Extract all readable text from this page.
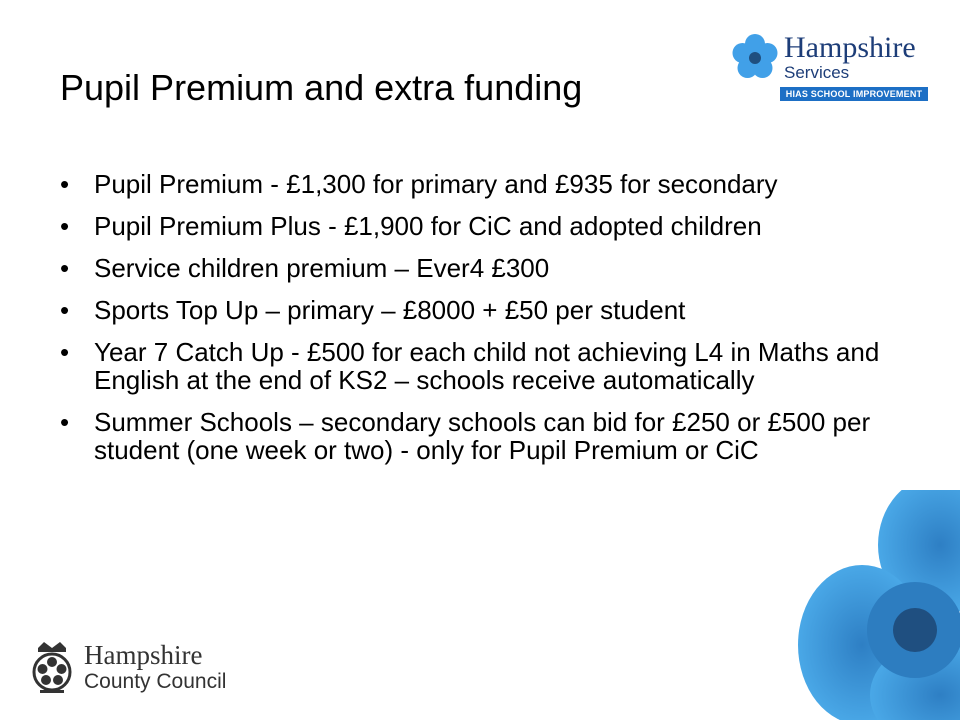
Pupil Premium and extra funding
Hampshire
Services
HIAS SCHOOL IMPROVEMENT
• Pupil Premium - £1,300 for primary and £935 for secondary
• Pupil Premium Plus - £1,900 for CiC and adopted children
• Service children premium – Ever4 £300
• Sports Top Up – primary – £8000 + £50 per student
• Year 7 Catch Up - £500 for each child not achieving L4 in Maths and English at the end of KS2 – schools receive automatically
• Summer Schools – secondary schools can bid for £250 or £500 per student (one week or two) - only for Pupil Premium or CiC
Hampshire
County Council
